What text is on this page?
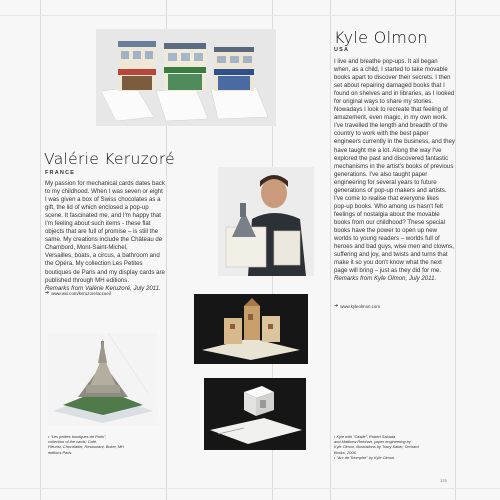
Valérie Keruzoré
FRANCE
My passion for mechanical cards dates back
to my childhood. When I was seven or eight
I was given a box of Swiss chocolates as a
gift, the lid of which enclosed a pop-up
scene. It fascinated me, and I'm happy that
I'm feeling about such items - these flat
objects that are full of promise – is still the
same. My creations include the Château de
Chambord, Mont-Saint-Michel,
Versailles, boats, a circus, a bathroom and
the Opéra. My collection Les Petites
boutiques de Paris and my display cards are
published through MH editions.
Remarks from Valérie Keruzoré, July 2011.
➔ www.wix.com/keruzore/accueil
• "Les petites boutiques de Paris",
collection of the cards: Café,
Fleurist, Chocolatier, Restaurant, Boker, MH
éditions Paris.
Kyle Olmon
USA
I live and breathe pop-ups. It all began
when, as a child, I started to take movable
books apart to discover their secrets. I then
set about repairing damaged books that I
found on shelves and in libraries, as I looked
for original ways to share my stories.
Nowadays I look to recreate that feeling of
amazement, even magic, in my own work.
I've travelled the length and breadth of the
country to work with the best paper
engineers currently in the business, and they
have taught me a lot. Along the way I've
explored the past and discovered fantastic
mechanisms in the artist's books of previous
generations. I've also taught paper
engineering for several years to future
generations of pop-up makers and artists.
I've come to realise that everyone likes
pop-up books. Who among us hasn't felt
feelings of nostalgia about the movable
books from our childhood? These special
books have the power to open up new
worlds to young readers – worlds full of
heroes and bad guys, wise men and clowns,
suffering and joy, and twists and turns that
make it so you don't know what the next
page will bring – just as they did for me.
Remarks from Kyle Olmon, July 2011.
➔ www.kyleolmon.com
• Kyle with "Castle", Robert Sabuda
and Matthew Reinhart, paper engineering by
Kyle Olmon, illustrations by Tracy Sabin, Orchard
Books, 2006.
• "Arc de Triomphe" by Kyle Olmon.
123
